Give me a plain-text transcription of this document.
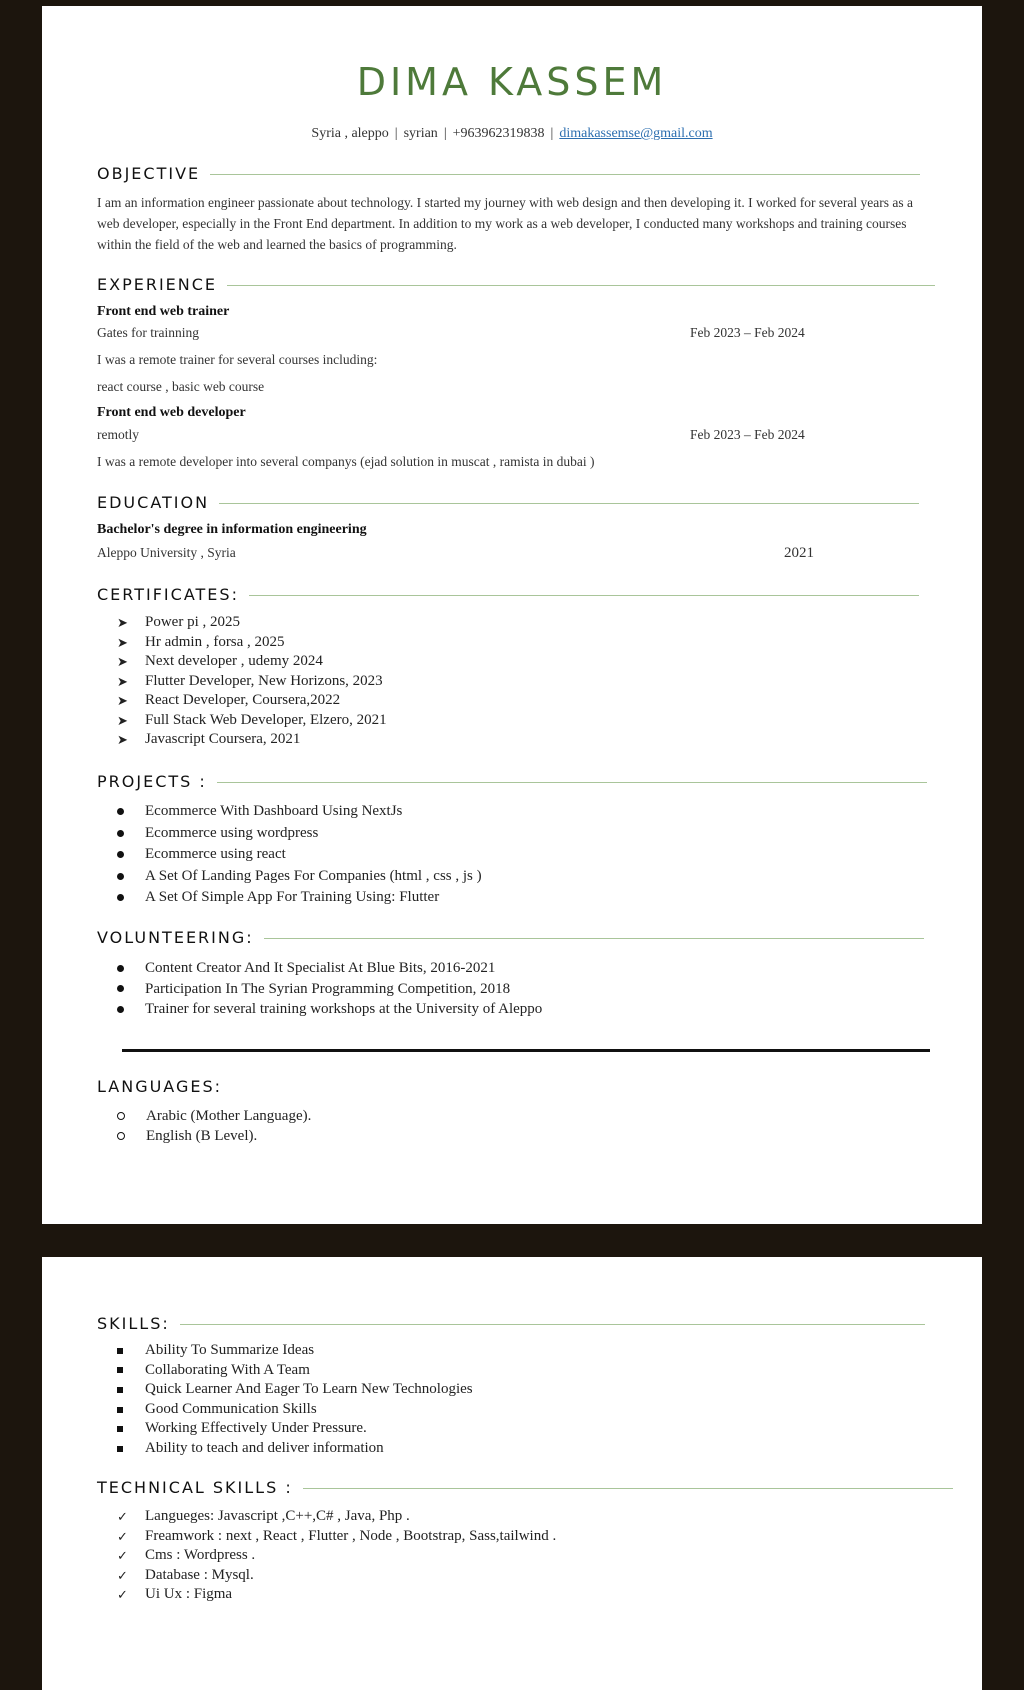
DIMA KASSEM
Syria , aleppo | syrian | +963962319838 | dimakassemse@gmail.com
OBJECTIVE
I am an information engineer passionate about technology. I started my journey with web design and then developing it. I worked for several years as a web developer, especially in the Front End department. In addition to my work as a web developer, I conducted many workshops and training courses within the field of the web and learned the basics of programming.
EXPERIENCE
Front end web trainer
Gates for trainning	Feb 2023 – Feb 2024
I was a remote trainer for several courses including:
react course , basic web course
Front end web developer
remotly	Feb 2023 – Feb 2024
I was a remote developer into several companys (ejad solution in muscat , ramista in dubai )
EDUCATION
Bachelor's degree in information engineering
Aleppo University , Syria	2021
CERTIFICATES:
➤	Power pi , 2025
➤	Hr admin , forsa , 2025
➤	Next developer , udemy 2024
➤	Flutter Developer, New Horizons, 2023
➤	React Developer, Coursera,2022
➤	Full Stack Web Developer, Elzero, 2021
➤	Javascript Coursera, 2021
PROJECTS :
Ecommerce With Dashboard Using NextJs
Ecommerce using wordpress
Ecommerce using react
A Set Of Landing Pages For Companies (html , css , js )
A Set Of Simple App For Training Using: Flutter
VOLUNTEERING:
Content Creator And It Specialist At Blue Bits, 2016-2021
Participation In The Syrian Programming Competition, 2018
Trainer for several training workshops at the University of Aleppo
LANGUAGES:
Arabic (Mother Language).
English (B Level).
SKILLS:
Ability To Summarize Ideas
Collaborating With A Team
Quick Learner And Eager To Learn New Technologies
Good Communication Skills
Working Effectively Under Pressure.
Ability to teach and deliver information
TECHNICAL SKILLS :
✓	Langueges: Javascript ,C++,C# , Java, Php .
✓	Freamwork : next , React , Flutter , Node , Bootstrap, Sass,tailwind .
✓	Cms : Wordpress .
✓	Database : Mysql.
✓	Ui Ux : Figma
